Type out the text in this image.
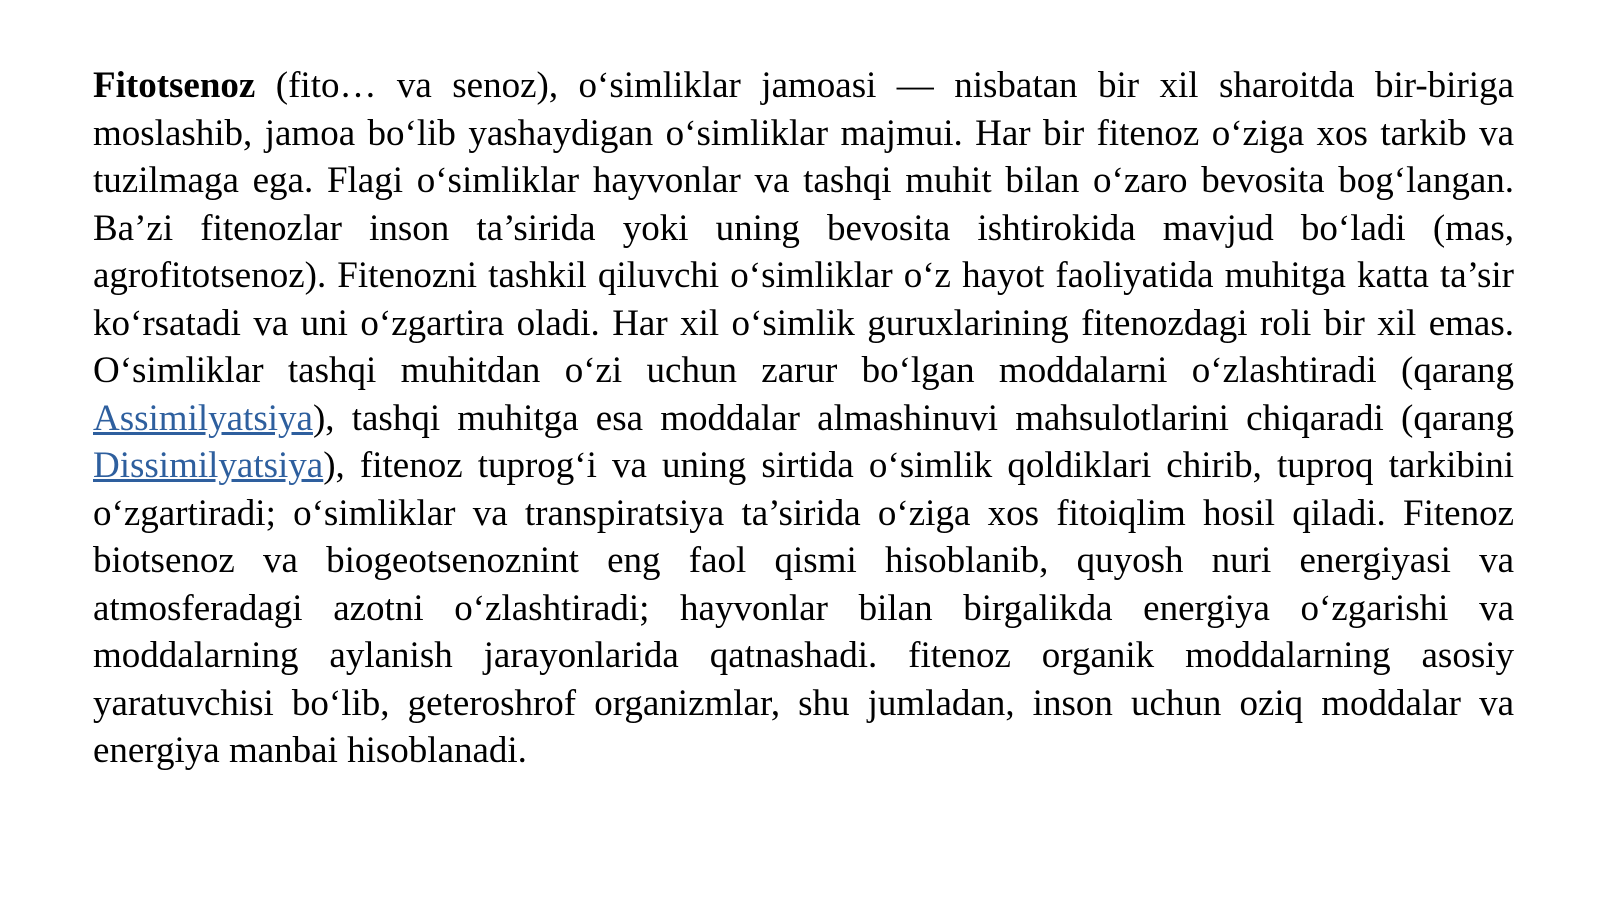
Fitotsenoz (fito… va senoz), o‘simliklar jamoasi — nisbatan bir xil sharoitda bir-biriga moslashib, jamoa bo‘lib yashaydigan o‘simliklar majmui. Har bir fitenoz o‘ziga xos tarkib va tuzilmaga ega. Flagi o‘simliklar hayvonlar va tashqi muhit bilan o‘zaro bevosita bog‘langan. Ba’zi fitenozlar inson ta’sirida yoki uning bevosita ishtirokida mavjud bo‘ladi (mas, agrofitotsenoz). Fitenozni tashkil qiluvchi o‘simliklar o‘z hayot faoliyatida muhitga katta ta’sir ko‘rsatadi va uni o‘zgartira oladi. Har xil o‘simlik guruxlarining fitenozdagi roli bir xil emas. O‘simliklar tashqi muhitdan o‘zi uchun zarur bo‘lgan moddalarni o‘zlashtiradi (qarang Assimilyatsiya), tashqi muhitga esa moddalar almashinuvi mahsulotlarini chiqaradi (qarang Dissimilyatsiya), fitenoz tuprog‘i va uning sirtida o‘simlik qoldiklari chirib, tuproq tarkibini o‘zgartiradi; o‘simliklar va transpiratsiya ta’sirida o‘ziga xos fitoiqlim hosil qiladi. Fitenoz biotsenoz va biogeotsenoznint eng faol qismi hisoblanib, quyosh nuri energiyasi va atmosferadagi azotni o‘zlashtiradi; hayvonlar bilan birgalikda energiya o‘zgarishi va moddalarning aylanish jarayonlarida qatnashadi. fitenoz organik moddalarning asosiy yaratuvchisi bo‘lib, geteroshrof organizmlar, shu jumladan, inson uchun oziq moddalar va energiya manbai hisoblanadi.
